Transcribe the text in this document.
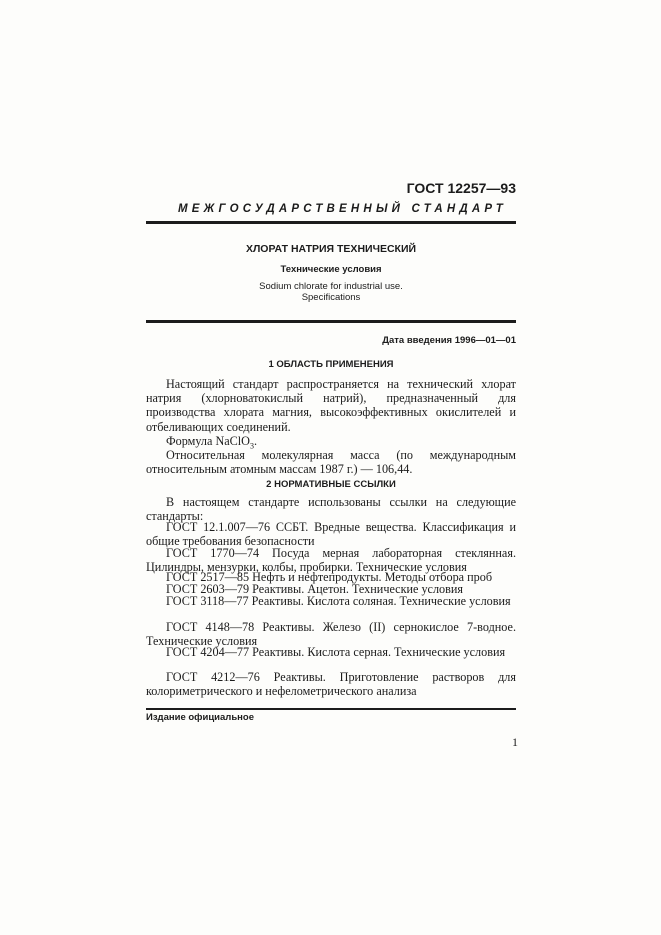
ГОСТ 12257—93
МЕЖГОСУДАРСТВЕННЫЙ СТАНДАРТ
ХЛОРАТ НАТРИЯ ТЕХНИЧЕСКИЙ
Технические условия
Sodium chlorate for industrial use.
Specifications
Дата введения 1996—01—01
1 ОБЛАСТЬ ПРИМЕНЕНИЯ
Настоящий стандарт распространяется на технический хлорат натрия (хлорноватокислый натрий), предназначенный для производства хлората магния, высокоэффективных окислителей и отбеливающих соединений.
Формула NaClO$_3$.
Относительная молекулярная масса (по международным относительным атомным массам 1987 г.) — 106,44.
2 НОРМАТИВНЫЕ ССЫЛКИ
В настоящем стандарте использованы ссылки на следующие стандарты:
ГОСТ 12.1.007—76 ССБТ. Вредные вещества. Классификация и общие требования безопасности
ГОСТ 1770—74 Посуда мерная лабораторная стеклянная. Цилиндры, мензурки, колбы, пробирки. Технические условия
ГОСТ 2517—85 Нефть и нефтепродукты. Методы отбора проб
ГОСТ 2603—79 Реактивы. Ацетон. Технические условия
ГОСТ 3118—77 Реактивы. Кислота соляная. Технические условия
ГОСТ 4148—78 Реактивы. Железо (II) сернокислое 7-водное. Технические условия
ГОСТ 4204—77 Реактивы. Кислота серная. Технические условия
ГОСТ 4212—76 Реактивы. Приготовление растворов для колориметрического и нефелометрического анализа
Издание официальное
1
